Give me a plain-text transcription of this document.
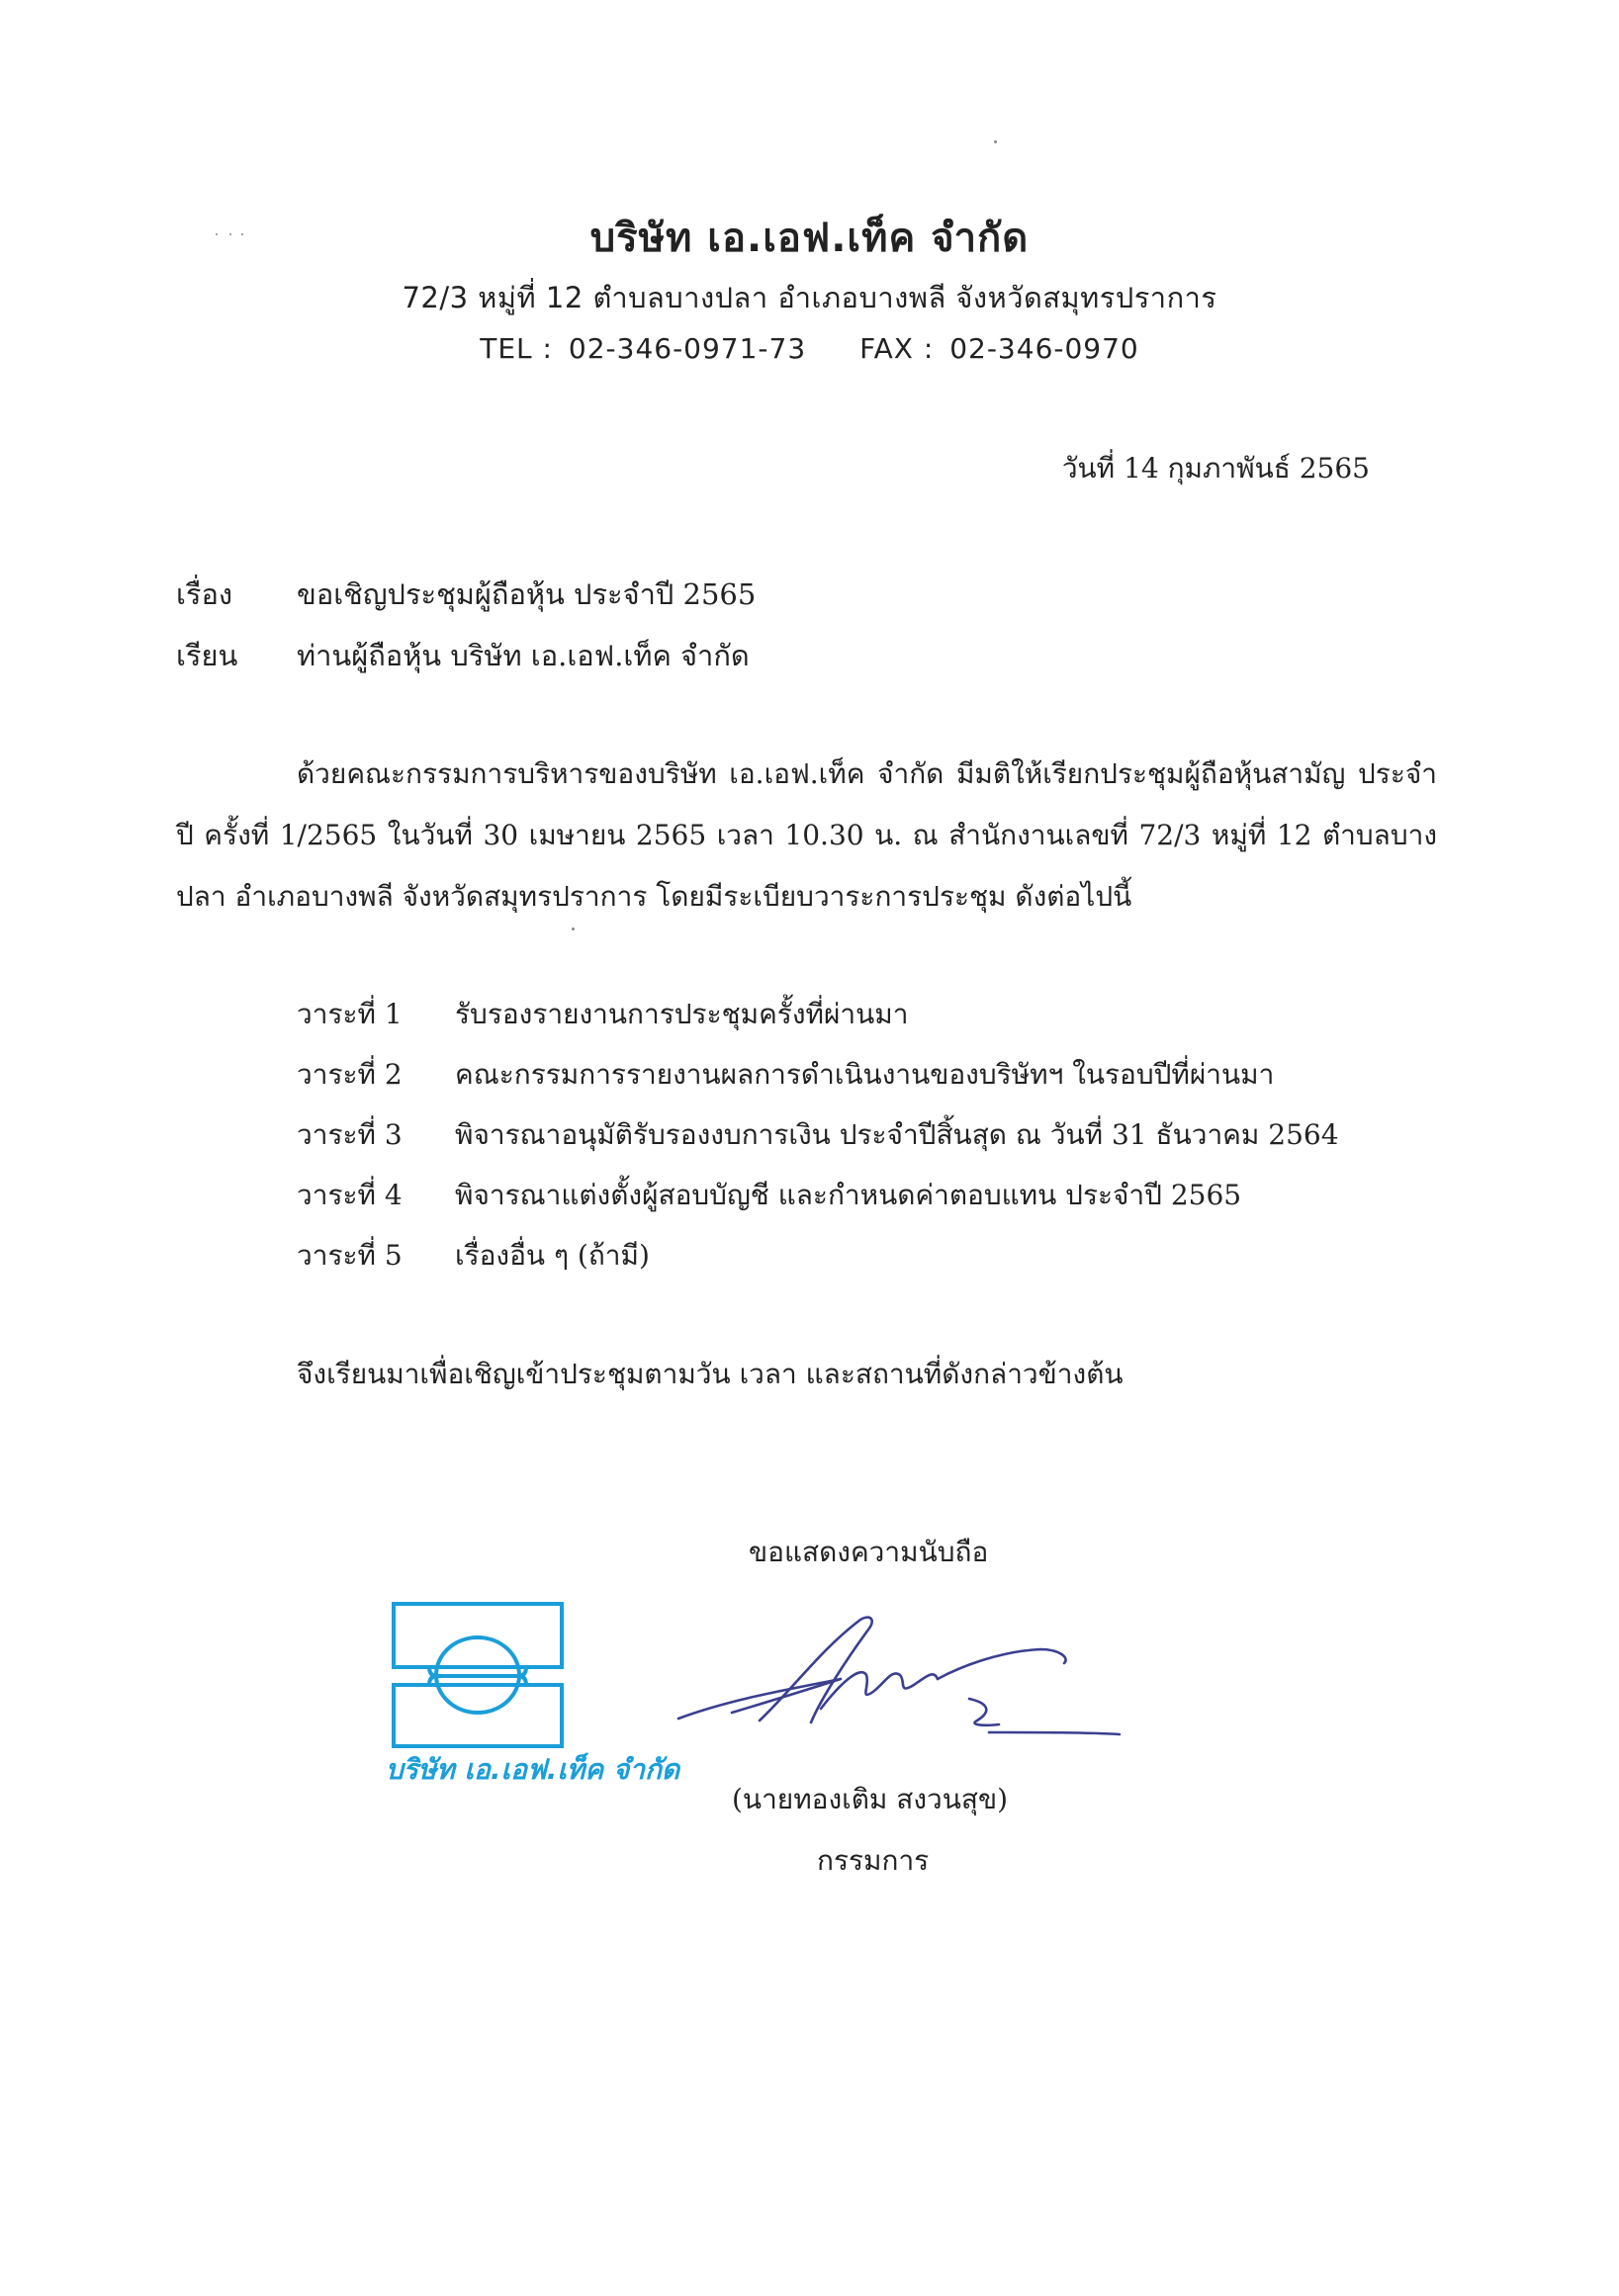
บริษัท เอ.เอฟ.เท็ค จำกัด
72/3 หมู่ที่ 12 ตำบลบางปลา อำเภอบางพลี จังหวัดสมุทรปราการ
TEL : 02-346-0971-73 FAX : 02-346-0970
วันที่ 14 กุมภาพันธ์ 2565
เรื่อง ขอเชิญประชุมผู้ถือหุ้น ประจำปี 2565
เรียน ท่านผู้ถือหุ้น บริษัท เอ.เอฟ.เท็ค จำกัด

ด้วยคณะกรรมการบริหารของบริษัท เอ.เอฟ.เท็ค จำกัด มีมติให้เรียกประชุมผู้ถือหุ้นสามัญ ประจำปี ครั้งที่ 1/2565 ในวันที่ 30 เมษายน 2565 เวลา 10.30 น. ณ สำนักงานเลขที่ 72/3 หมู่ที่ 12 ตำบลบางปลา อำเภอบางพลี จังหวัดสมุทรปราการ โดยมีระเบียบวาระการประชุม ดังต่อไปนี้

วาระที่ 1	รับรองรายงานการประชุมครั้งที่ผ่านมา
วาระที่ 2	คณะกรรมการรายงานผลการดำเนินงานของบริษัทฯ ในรอบปีที่ผ่านมา
วาระที่ 3	พิจารณาอนุมัติรับรองงบการเงิน ประจำปีสิ้นสุด ณ วันที่ 31 ธันวาคม 2564
วาระที่ 4	พิจารณาแต่งตั้งผู้สอบบัญชี และกำหนดค่าตอบแทน ประจำปี 2565
วาระที่ 5	เรื่องอื่น ๆ (ถ้ามี)
จึงเรียนมาเพื่อเชิญเข้าประชุมตามวัน เวลา และสถานที่ดังกล่าวข้างต้น
ขอแสดงความนับถือ
บริษัท เอ.เอฟ.เท็ค จำกัด
(นายทองเติม สงวนสุข)
กรรมการ
